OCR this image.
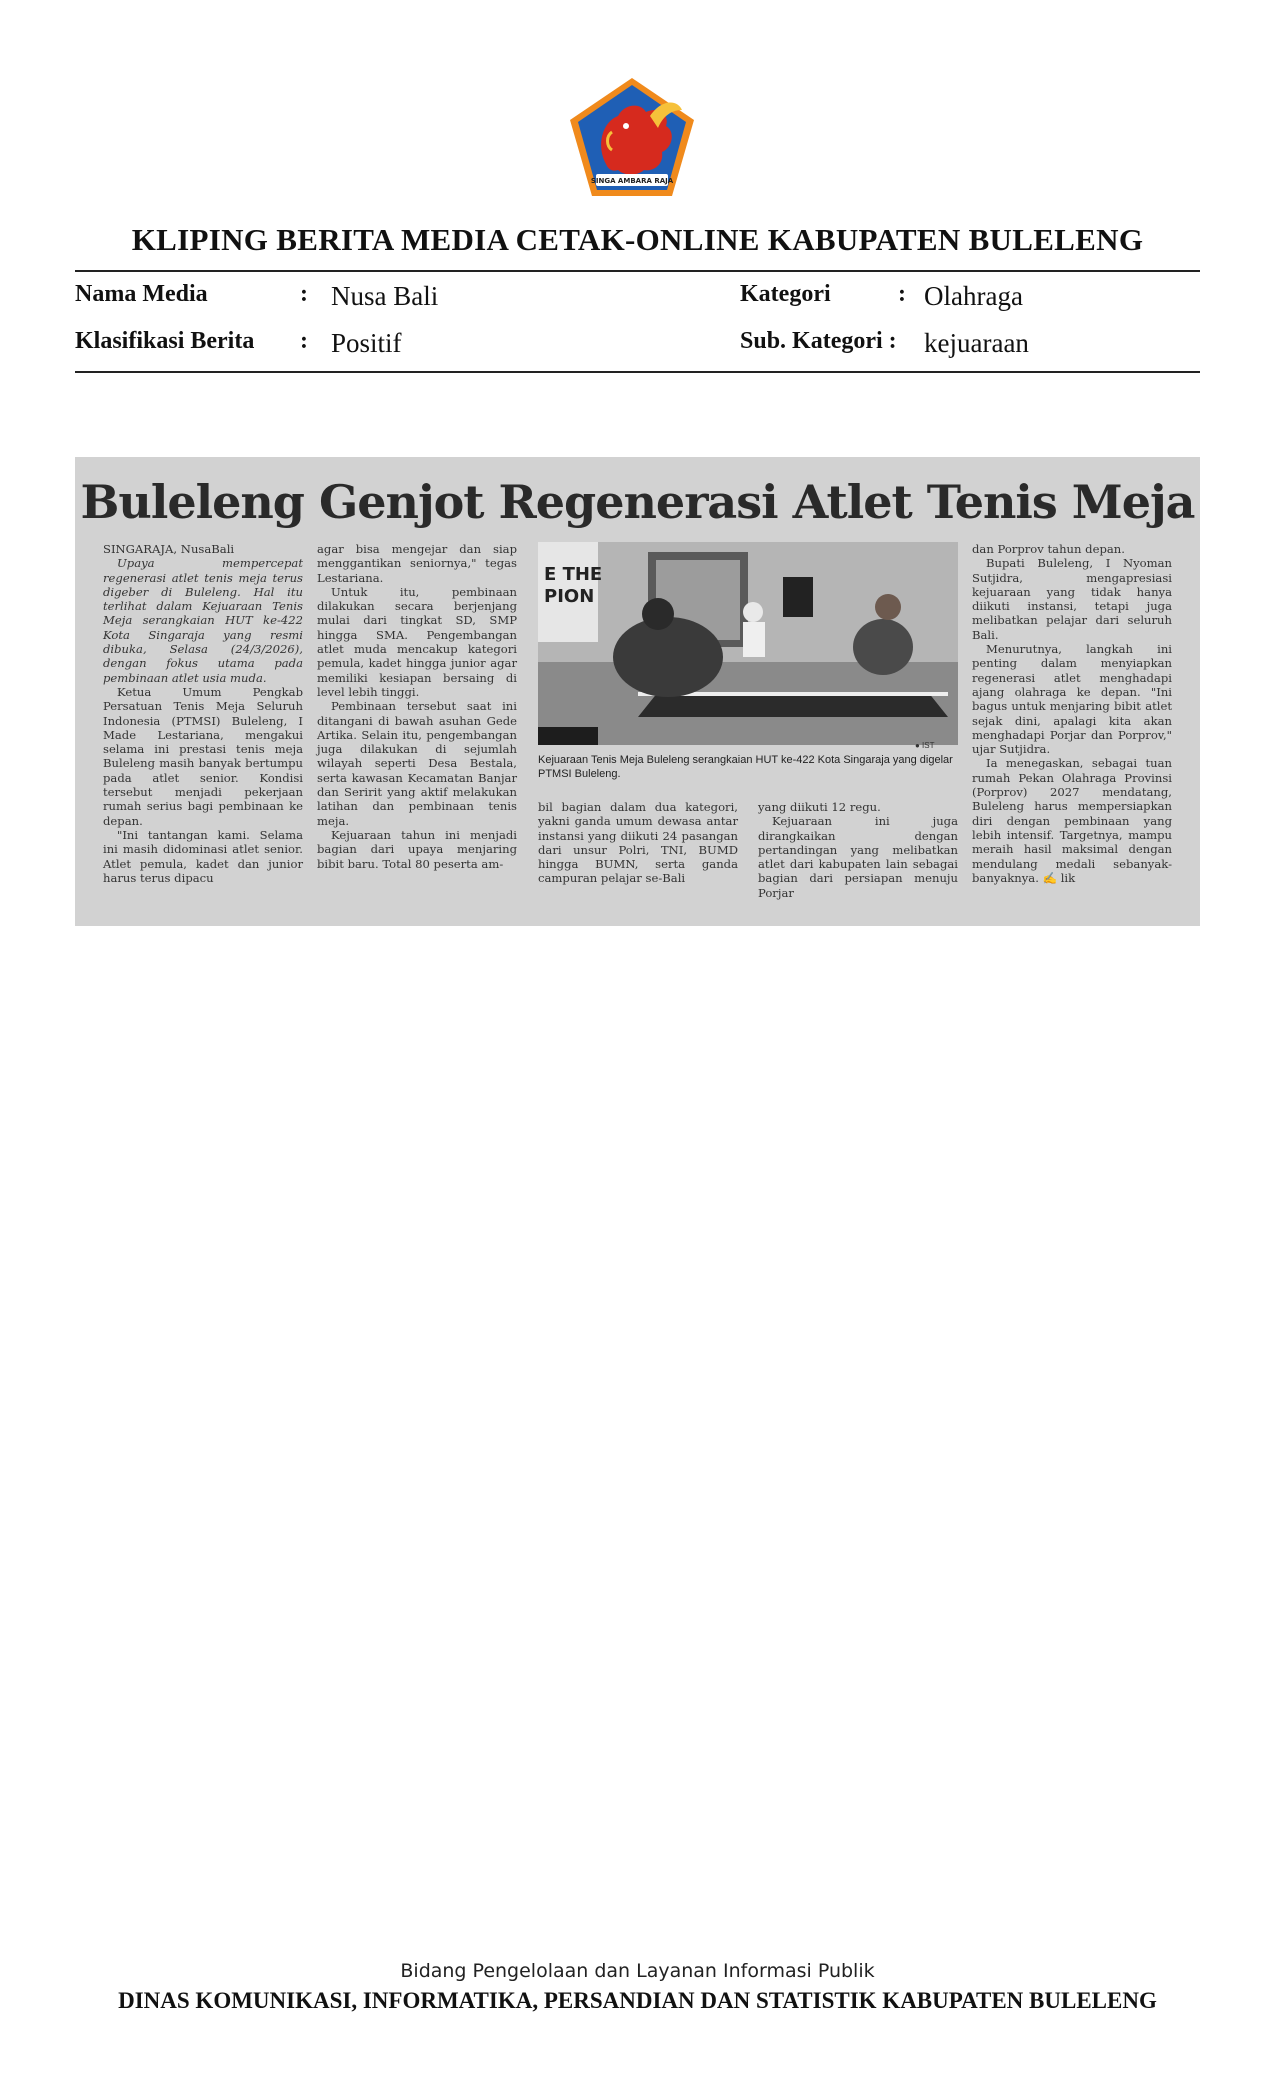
SINGA AMBARA RAJA
KLIPING BERITA MEDIA CETAK-ONLINE KABUPATEN BULELENG
Nama Media	: Nusa Bali	Kategori	: Olahraga
Klasifikasi Berita : Positif	Sub. Kategori : kejuaraan
Buleleng Genjot Regenerasi Atlet Tenis Meja

SINGARAJA, NusaBali

Upaya mempercepat regenerasi atlet tenis meja terus digeber di Buleleng. Hal itu terlihat dalam Kejuaraan Tenis Meja serangkaian HUT ke-422 Kota Singaraja yang resmi dibuka, Selasa (24/3/2026), dengan fokus utama pada pembinaan atlet usia muda.

Ketua Umum Pengkab Persatuan Tenis Meja Seluruh Indonesia (PTMSI) Buleleng, I Made Lestariana, mengakui selama ini prestasi tenis meja Buleleng masih banyak bertumpu pada atlet senior. Kondisi tersebut menjadi pekerjaan rumah serius bagi pembinaan ke depan.

"Ini tantangan kami. Selama ini masih didominasi atlet senior. Atlet pemula, kadet dan junior harus terus dipacu

agar bisa mengejar dan siap menggantikan seniornya," tegas Lestariana.

Untuk itu, pembinaan dilakukan secara berjenjang mulai dari tingkat SD, SMP hingga SMA. Pengembangan atlet muda mencakup kategori pemula, kadet hingga junior agar memiliki kesiapan bersaing di level lebih tinggi.

Pembinaan tersebut saat ini ditangani di bawah asuhan Gede Artika. Selain itu, pengembangan juga dilakukan di sejumlah wilayah seperti Desa Bestala, serta kawasan Kecamatan Banjar dan Seririt yang aktif melakukan latihan dan pembinaan tenis meja.

Kejuaraan tahun ini menjadi bagian dari upaya menjaring bibit baru. Total 80 peserta am-

E THE
PION
● IST
Kejuaraan Tenis Meja Buleleng serangkaian HUT ke-422 Kota Singaraja yang digelar PTMSI Buleleng.

bil bagian dalam dua kategori, yakni ganda umum dewasa antar instansi yang diikuti 24 pasangan dari unsur Polri, TNI, BUMD hingga BUMN, serta ganda campuran pelajar se-Bali

yang diikuti 12 regu.

Kejuaraan ini juga dirangkaikan dengan pertandingan yang melibatkan atlet dari kabupaten lain sebagai bagian dari persiapan menuju Porjar

dan Porprov tahun depan.

Bupati Buleleng, I Nyoman Sutjidra, mengapresiasi kejuaraan yang tidak hanya diikuti instansi, tetapi juga melibatkan pelajar dari seluruh Bali.

Menurutnya, langkah ini penting dalam menyiapkan regenerasi atlet menghadapi ajang olahraga ke depan. "Ini bagus untuk menjaring bibit atlet sejak dini, apalagi kita akan menghadapi Porjar dan Porprov," ujar Sutjidra.

Ia menegaskan, sebagai tuan rumah Pekan Olahraga Provinsi (Porprov) 2027 mendatang, Buleleng harus mempersiapkan diri dengan pembinaan yang lebih intensif. Targetnya, mampu meraih hasil maksimal dengan mendulang medali sebanyak-banyaknya. ✍ lik

Bidang Pengelolaan dan Layanan Informasi Publik
DINAS KOMUNIKASI, INFORMATIKA, PERSANDIAN DAN STATISTIK KABUPATEN BULELENG
